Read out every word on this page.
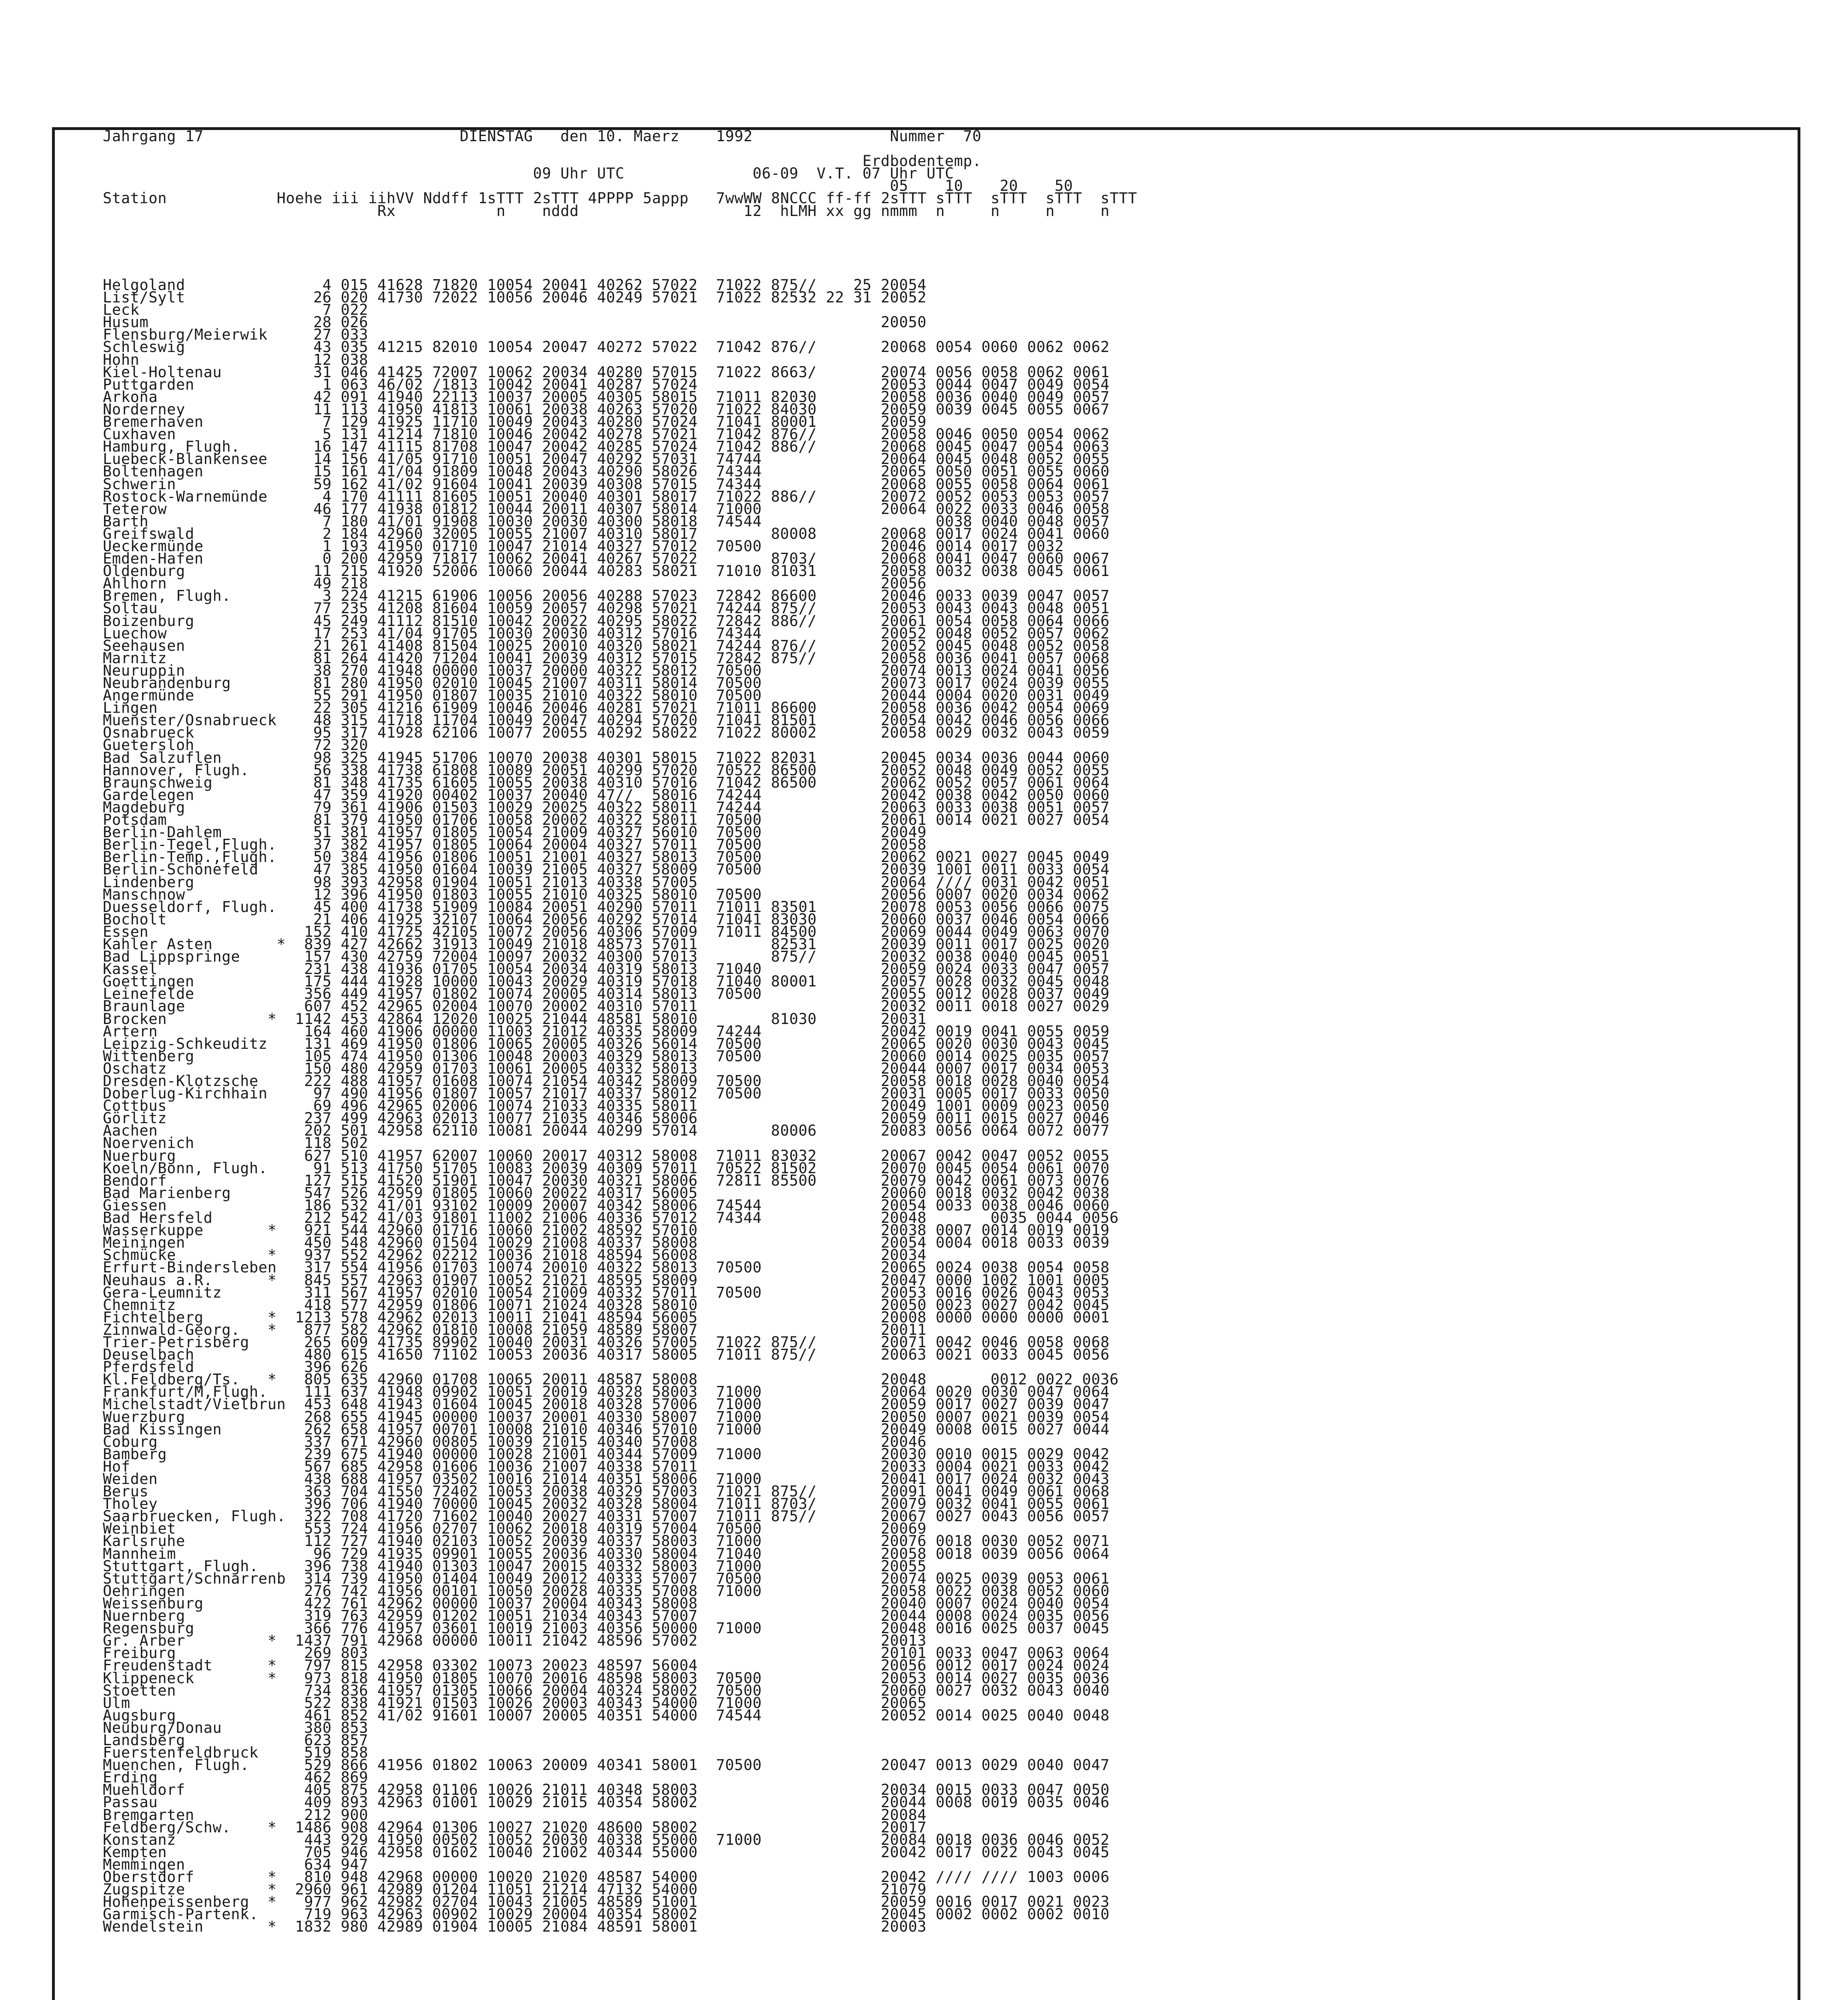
Jahrgang 17	DIENSTAG   den 10. Maerz 1992	Nummer  70

Erdbodentemp.
09 Uhr UTC	06-09  V.T. 07 Uhr UTC
05    10    20    50
Station	Hoehe iii iihVV Nddff 1sTTT 2sTTT 4PPPP 5appp 7wwWW 8NCCC ff-ff 2sTTT sTTT  sTTT  sTTT  sTTT
Rx	n nddd	12 hLMH xx gg nmmm n     n     n     n
Helgoland               4 015 41628 71820 10054 20041 40262 57022  71022 875//    25 20054
List/Sylt              26 020 41730 72022 10056 20046 40249 57021  71022 82532 22 31 20052
Leck                    7 022
Husum                  28 026                                                        20050
Flensburg/Meierwik     27 033
Schleswig              43 035 41215 82010 10054 20047 40272 57022  71042 876//       20068 0054 0060 0062 0062
Hohn                   12 038
Kiel-Holtenau          31 046 41425 72007 10062 20034 40280 57015  71022 8663/       20074 0056 0058 0062 0061
Puttgarden              1 063 46/02 /1813 10042 20041 40287 57024                    20053 0044 0047 0049 0054
Arkona                 42 091 41940 22113 10037 20005 40305 58015  71011 82030       20058 0036 0040 0049 0057
Norderney              11 113 41950 41813 10061 20038 40263 57020  71022 84030       20059 0039 0045 0055 0067
Bremerhaven             7 129 41925 11710 10049 20043 40280 57024  71041 80001       20059
Cuxhaven                5 131 41214 71810 10046 20042 40278 57021  71042 876//       20058 0046 0050 0054 0062
Hamburg, Flugh.        16 147 41115 81708 10047 20042 40285 57024  71042 886//       20068 0045 0047 0054 0063
Luebeck-Blankensee     14 156 41/05 91710 10051 20047 40292 57031  74744             20064 0045 0048 0052 0055
Boltenhagen            15 161 41/04 91809 10048 20043 40290 58026  74344             20065 0050 0051 0055 0060
Schwerin               59 162 41/02 91604 10041 20039 40308 57015  74344             20068 0055 0058 0064 0061
Rostock-Warnemünde      4 170 41111 81605 10051 20040 40301 58017  71022 886//       20072 0052 0053 0053 0057
Teterow                46 177 41938 01812 10044 20011 40307 58014  71000             20064 0022 0033 0046 0058
Barth                   7 180 41/01 91908 10030 20030 40300 58018  74544                   0038 0040 0048 0057
Greifswald              2 184 42960 32005 10055 21007 40310 58017        80008       20068 0017 0024 0041 0060
Ueckermünde             1 193 41950 01710 10047 21014 40327 57012  70500             20046 0014 0017 0032
Emden-Hafen             0 200 42959 71817 10062 20041 40267 57022        8703/       20068 0041 0047 0060 0067
Oldenburg              11 215 41920 52006 10060 20044 40283 58021  71010 81031       20058 0032 0038 0045 0061
Ahlhorn                49 218                                                        20056
Bremen, Flugh.          3 224 41215 61906 10056 20056 40288 57023  72842 86600       20046 0033 0039 0047 0057
Soltau                 77 235 41208 81604 10059 20057 40298 57021  74244 875//       20053 0043 0043 0048 0051
Boizenburg             45 249 41112 81510 10042 20022 40295 58022  72842 886//       20061 0054 0058 0064 0066
Luechow                17 253 41/04 91705 10030 20030 40312 57016  74344             20052 0048 0052 0057 0062
Seehausen              21 261 41408 81504 10025 20010 40320 58021  74244 876//       20052 0045 0048 0052 0058
Marnitz                81 264 41420 71204 10041 20039 40312 57015  72842 875//       20058 0036 0041 0057 0068
Neuruppin              38 270 41948 00000 10037 20000 40322 58012  70500             20074 0013 0024 0041 0056
Neubrandenburg         81 280 41950 02010 10045 21007 40311 58014  70500             20073 0017 0024 0039 0055
Angermünde             55 291 41950 01807 10035 21010 40322 58010  70500             20044 0004 0020 0031 0049
Lingen                 22 305 41216 61909 10046 20046 40281 57021  71011 86600       20058 0036 0042 0054 0069
Muenster/Osnabrueck    48 315 41718 11704 10049 20047 40294 57020  71041 81501       20054 0042 0046 0056 0066
Osnabrueck             95 317 41928 62106 10077 20055 40292 58022  71022 80002       20058 0029 0032 0043 0059
Guetersloh             72 320
Bad Salzuflen          98 325 41945 51706 10070 20038 40301 58015  71022 82031       20045 0034 0036 0044 0060
Hannover, Flugh.       56 338 41738 61808 10089 20051 40299 57020  70522 86500       20052 0048 0049 0052 0055
Braunschweig           81 348 41735 61605 10055 20038 40310 57016  71042 86500       20062 0052 0057 0061 0064
Gardelegen             47 359 41920 00402 10037 20040 47//  58016  74244             20042 0038 0042 0050 0060
Magdeburg              79 361 41906 01503 10029 20025 40322 58011  74244             20063 0033 0038 0051 0057
Potsdam                81 379 41950 01706 10058 20002 40322 58011  70500             20061 0014 0021 0027 0054
Berlin-Dahlem          51 381 41957 01805 10054 21009 40327 56010  70500             20049
Berlin-Tegel,Flugh.    37 382 41957 01805 10064 20004 40327 57011  70500             20058
Berlin-Temp.,Flugh.    50 384 41956 01806 10051 21001 40327 58013  70500             20062 0021 0027 0045 0049
Berlin-Schönefeld      47 385 41950 01604 10039 21005 40327 58009  70500             20039 1001 0011 0033 0054
Lindenberg             98 393 42958 01904 10051 21013 40338 57005                    20064 //// 0031 0042 0051
Manschnow              12 396 41950 01803 10055 21010 40325 58010  70500             20056 0007 0020 0034 0062
Duesseldorf, Flugh.    45 400 41738 51909 10084 20051 40290 57011  71011 83501       20078 0053 0056 0066 0075
Bocholt                21 406 41925 32107 10064 20056 40292 57014  71041 83030       20060 0037 0046 0054 0066
Essen                 152 410 41725 42105 10072 20056 40306 57009  71011 84500       20069 0044 0049 0063 0070
Kahler Asten       *  839 427 42662 31913 10049 21018 48573 57011        82531       20039 0011 0017 0025 0020
Bad Lippspringe       157 430 42759 72004 10097 20032 40300 57013        875//       20032 0038 0040 0045 0051
Kassel                231 438 41936 01705 10054 20034 40319 58013  71040             20059 0024 0033 0047 0057
Goettingen            175 444 41928 10000 10043 20029 40319 57018  71040 80001       20057 0028 0032 0045 0048
Leinefelde            356 449 41957 01802 10074 20005 40314 58013  70500             20055 0012 0028 0037 0049
Braunlage             607 452 42965 02004 10070 20002 40310 57011                    20032 0011 0018 0027 0029
Brocken           *  1142 453 42864 12020 10025 21044 48581 58010        81030       20031
Artern                164 460 41906 00000 11003 21012 40335 58009  74244             20042 0019 0041 0055 0059
Leipzig-Schkeuditz    131 469 41950 01806 10065 20005 40326 56014  70500             20065 0020 0030 0043 0045
Wittenberg            105 474 41950 01306 10048 20003 40329 58013  70500             20060 0014 0025 0035 0057
Oschatz               150 480 42959 01703 10061 20005 40332 58013                    20044 0007 0017 0034 0053
Dresden-Klotzsche     222 488 41957 01608 10074 21054 40342 58009  70500             20058 0018 0028 0040 0054
Doberlug-Kirchhain     97 490 41956 01807 10057 21017 40337 58012  70500             20031 0005 0017 0033 0050
Cottbus                69 496 42965 02006 10074 21033 40335 58011                    20049 1001 0009 0023 0050
Görlitz               237 499 42963 02013 10077 21035 40346 58006                    20059 0011 0015 0027 0046
Aachen                202 501 42958 62110 10081 20044 40299 57014        80006       20083 0056 0064 0072 0077
Noervenich            118 502
Nuerburg              627 510 41957 62007 10060 20017 40312 58008  71011 83032       20067 0042 0047 0052 0055
Koeln/Bonn, Flugh.     91 513 41750 51705 10083 20039 40309 57011  70522 81502       20070 0045 0054 0061 0070
Bendorf               127 515 41520 51901 10047 20030 40321 58006  72811 85500       20079 0042 0061 0073 0076
Bad Marienberg        547 526 42959 01805 10060 20022 40317 56005                    20060 0018 0032 0042 0038
Giessen               186 532 41/01 93102 10009 20007 40342 58006  74544             20054 0033 0038 0046 0060
Bad Hersfeld          212 542 41/03 91801 11002 21006 40336 57012  74344             20048       0035 0044 0056
Wasserkuppe       *   921 544 42960 01716 10060 21002 48592 57010                    20038 0007 0014 0019 0019
Meiningen             450 548 42960 01504 10029 21008 40337 58008                    20054 0004 0018 0033 0039
Schmücke          *   937 552 42962 02212 10036 21018 48594 56008                    20034
Erfurt-Bindersleben   317 554 41956 01703 10074 20010 40322 58013  70500             20065 0024 0038 0054 0058
Neuhaus a.R.      *   845 557 42963 01907 10052 21021 48595 58009                    20047 0000 1002 1001 0005
Gera-Leumnitz         311 567 41957 02010 10054 21009 40332 57011  70500             20053 0016 0026 0043 0053
Chemnitz              418 577 42959 01806 10071 21024 40328 58010                    20050 0023 0027 0042 0045
Fichtelberg       *  1213 578 42962 02013 10011 21041 48594 56005                    20008 0000 0000 0000 0001
Zinnwald-Georg.   *   877 582 42962 01810 10008 21059 48589 58007                    20011
Trier-Petrisberg      265 609 41735 89902 10040 20031 40326 57005  71022 875//       20071 0042 0046 0058 0068
Deuselbach            480 615 41650 71102 10053 20036 40317 58005  71011 875//       20063 0021 0033 0045 0056
Pferdsfeld            396 626
Kl.Feldberg/Ts.   *   805 635 42960 01708 10065 20011 48587 58008                    20048       0012 0022 0036
Frankfurt/M,Flugh.    111 637 41948 09902 10051 20019 40328 58003  71000             20064 0020 0030 0047 0064
Michelstadt/Vielbrun  453 648 41943 01604 10045 20018 40328 57006  71000             20059 0017 0027 0039 0047
Wuerzburg             268 655 41945 00000 10037 20001 40330 58007  71000             20050 0007 0021 0039 0054
Bad Kissingen         262 658 41957 00701 10008 21010 40346 57010  71000             20049 0008 0015 0027 0044
Coburg                337 671 42960 00805 10039 21015 40340 57008                    20046
Bamberg               239 675 41940 00000 10028 21001 40344 57009  71000             20030 0010 0015 0029 0042
Hof                   567 685 42958 01606 10036 21007 40338 57011                    20033 0004 0021 0033 0042
Weiden                438 688 41957 03502 10016 21014 40351 58006  71000             20041 0017 0024 0032 0043
Berus                 363 704 41550 72402 10053 20038 40329 57003  71021 875//       20091 0041 0049 0061 0068
Tholey                396 706 41940 70000 10045 20032 40328 58004  71011 8703/       20079 0032 0041 0055 0061
Saarbruecken, Flugh.  322 708 41720 71602 10040 20027 40331 57007  71011 875//       20067 0027 0043 0056 0057
Weinbiet              553 724 41956 02707 10062 20018 40319 57004  70500             20069
Karlsruhe             112 727 41940 02103 10052 20039 40337 58003  71000             20076 0018 0030 0052 0071
Mannheim               96 729 41935 09901 10055 20036 40330 58004  71040             20058 0018 0039 0056 0064
Stuttgart, Flugh.     396 738 41940 01303 10047 20015 40332 58003  71000             20055
Stuttgart/Schnarrenb  314 739 41950 01404 10049 20012 40333 57007  70500             20074 0025 0039 0053 0061
Oehringen             276 742 41956 00101 10050 20028 40335 57008  71000             20058 0022 0038 0052 0060
Weissenburg           422 761 42962 00000 10037 20004 40343 58008                    20040 0007 0024 0040 0054
Nuernberg             319 763 42959 01202 10051 21034 40343 57007                    20044 0008 0024 0035 0056
Regensburg            366 776 41957 03601 10019 21003 40356 50000  71000             20048 0016 0025 0037 0045
Gr. Arber         *  1437 791 42968 00000 10011 21042 48596 57002                    20013
Freiburg              269 803                                                        20101 0033 0047 0063 0064
Freudenstadt      *   797 815 42958 03302 10073 20023 48597 56004                    20056 0012 0017 0024 0024
Klippeneck        *   973 818 41950 01805 10070 20016 48598 58003  70500             20053 0014 0027 0035 0036
Stoetten              734 836 41957 01305 10066 20004 40324 58002  70500             20060 0027 0032 0043 0040
Ulm                   522 838 41921 01503 10026 20003 40343 54000  71000             20065
Augsburg              461 852 41/02 91601 10007 20005 40351 54000  74544             20052 0014 0025 0040 0048
Neuburg/Donau         380 853
Landsberg             623 857
Fuerstenfeldbruck     519 858
Muenchen, Flugh.      529 866 41956 01802 10063 20009 40341 58001  70500             20047 0013 0029 0040 0047
Erding                462 869
Muehldorf             405 875 42958 01106 10026 21011 40348 58003                    20034 0015 0033 0047 0050
Passau                409 893 42963 01001 10029 21015 40354 58002                    20044 0008 0019 0035 0046
Bremgarten            212 900                                                        20084
Feldberg/Schw.    *  1486 908 42964 01306 10027 21020 48600 58002                    20017
Konstanz              443 929 41950 00502 10052 20030 40338 55000  71000             20084 0018 0036 0046 0052
Kempten               705 946 42958 01602 10040 21002 40344 55000                    20042 0017 0022 0043 0045
Memmingen             634 947
Oberstdorf        *   810 948 42968 00000 10020 21020 48587 54000                    20042 //// //// 1003 0006
Zugspitze         *  2960 961 42989 01204 11051 21214 47132 54000                    21079
Hohenpeissenberg  *   977 962 42982 02704 10043 21005 48589 51001                    20059 0016 0017 0021 0023
Garmisch-Partenk.     719 963 42963 00902 10029 20004 40354 58002                    20045 0002 0002 0002 0010
Wendelstein       *  1832 980 42989 01904 10005 21084 48591 58001                    20003
